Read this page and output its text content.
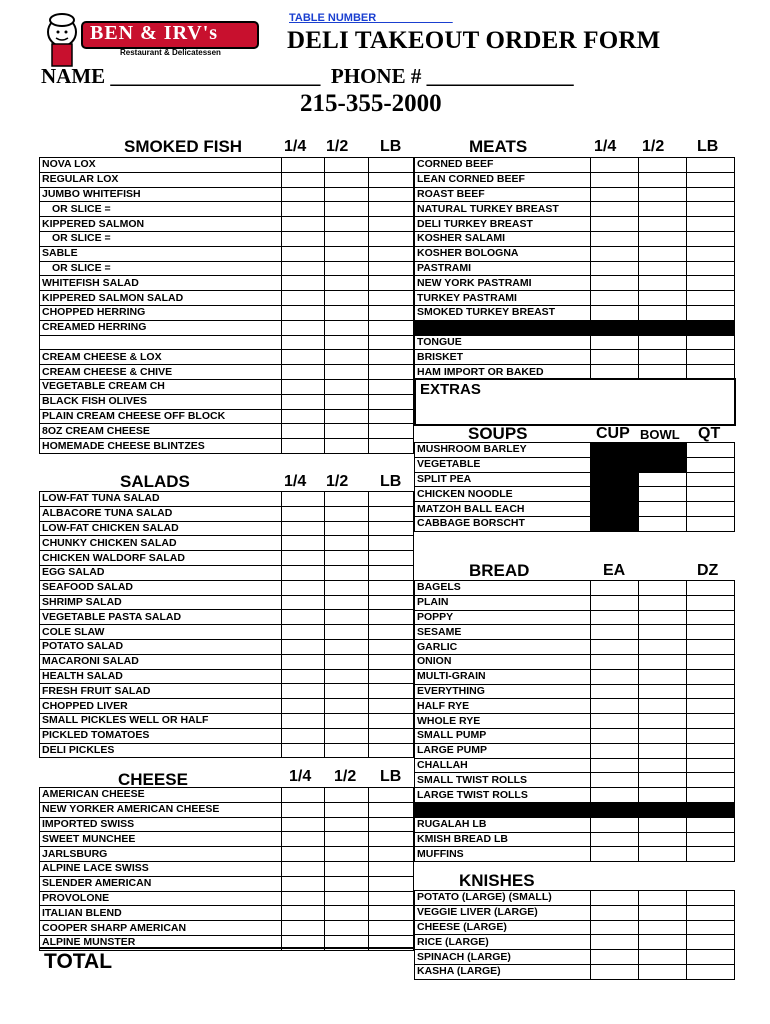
BEN & IRV's
Restaurant & Delicatessen
TABLE NUMBER ____________
DELI TAKEOUT ORDER FORM
NAME ____________________  PHONE # ______________
215-355-2000
SMOKED FISH	1/4 1/2 LB
NOVA LOX			
REGULAR LOX			
JUMBO WHITEFISH			
OR SLICE =			
KIPPERED SALMON			
OR SLICE =			
SABLE			
OR SLICE =			
WHITEFISH SALAD			
KIPPERED SALMON SALAD			
CHOPPED HERRING			
CREAMED HERRING			

CREAM CHEESE & LOX			
CREAM CHEESE & CHIVE			
VEGETABLE CREAM CH			
BLACK FISH OLIVES			
PLAIN CREAM CHEESE OFF BLOCK			
8OZ CREAM CHEESE			
HOMEMADE CHEESE BLINTZES			
MEATS	1/4 1/2 LB
CORNED BEEF			
LEAN CORNED BEEF			
ROAST BEEF			
NATURAL TURKEY BREAST			
DELI TURKEY BREAST			
KOSHER SALAMI			
KOSHER BOLOGNA			
PASTRAMI			
NEW YORK PASTRAMI			
TURKEY PASTRAMI			
SMOKED TURKEY BREAST			

TONGUE			
BRISKET			
HAM IMPORT OR BAKED			
EXTRAS
SOUPS	CUP BOWL QT
MUSHROOM BARLEY			
VEGETABLE			
SPLIT PEA			
CHICKEN NOODLE			
MATZOH BALL EACH			
CABBAGE BORSCHT			
SALADS	1/4 1/2 LB
LOW-FAT TUNA SALAD			
ALBACORE TUNA SALAD			
LOW-FAT CHICKEN SALAD			
CHUNKY CHICKEN SALAD			
CHICKEN WALDORF SALAD			
EGG SALAD			
SEAFOOD SALAD			
SHRIMP SALAD			
VEGETABLE PASTA SALAD			
COLE SLAW			
POTATO SALAD			
MACARONI SALAD			
HEALTH SALAD			
FRESH FRUIT SALAD			
CHOPPED LIVER			
SMALL PICKLES WELL OR HALF			
PICKLED TOMATOES			
DELI PICKLES			
BREAD	EA	DZ
BAGELS			
PLAIN			
POPPY			
SESAME			
GARLIC			
ONION			
MULTI-GRAIN			
EVERYTHING			
HALF RYE			
WHOLE RYE			
SMALL PUMP			
LARGE PUMP			
CHALLAH			
SMALL TWIST ROLLS			
LARGE TWIST ROLLS			

RUGALAH LB			
KMISH BREAD LB			
MUFFINS			
CHEESE	1/4 1/2 LB
AMERICAN CHEESE			
NEW YORKER AMERICAN CHEESE			
IMPORTED SWISS			
SWEET MUNCHEE			
JARLSBURG			
ALPINE LACE SWISS			
SLENDER AMERICAN			
PROVOLONE			
ITALIAN BLEND			
COOPER SHARP AMERICAN			
ALPINE MUNSTER			
KNISHES
POTATO (LARGE) (SMALL)			
VEGGIE LIVER (LARGE)			
CHEESE (LARGE)			
RICE (LARGE)			
SPINACH (LARGE)			
KASHA (LARGE)			
TOTAL
